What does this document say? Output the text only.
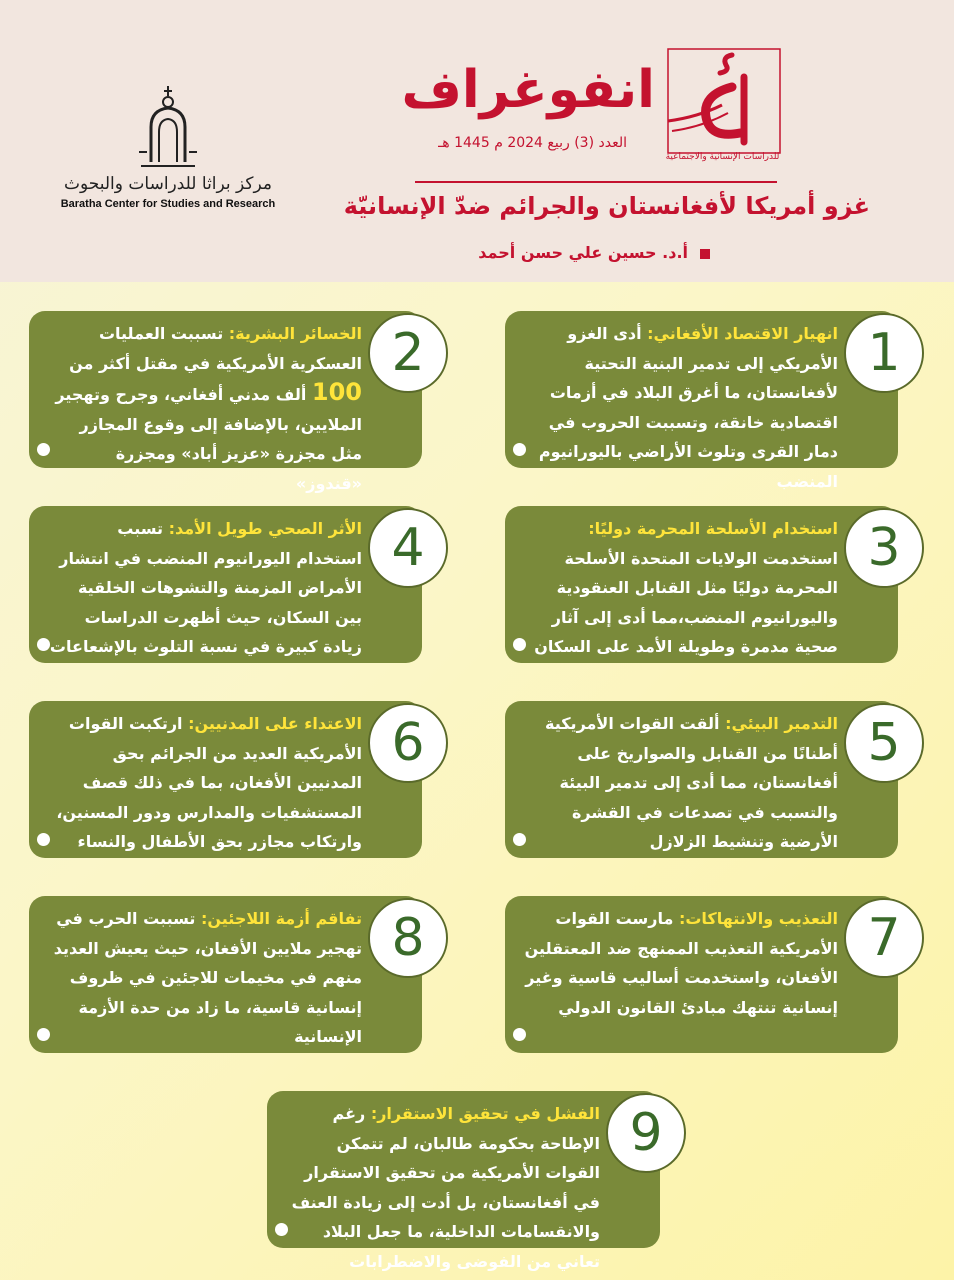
مركز براثا للدراسات والبحوث
Baratha Center for Studies and Research
انفوغراف
للدراسات الإنسانية والاجتماعية
العدد (3) ربيع 2024 م 1445 هـ
غزو أمريكا لأفغانستان والجرائم ضدّ الإنسانيّة
أ.د. حسين علي حسن أحمد
انهيار الاقتصاد الأفغاني: أدى الغزو الأمريكي إلى تدمير البنية التحتية لأفغانستان، ما أغرق البلاد في أزمات اقتصادية خانقة، وتسببت الحروب في دمار القرى وتلوث الأراضي باليورانيوم المنضب
1
الخسائر البشرية: تسببت العمليات العسكرية الأمريكية في مقتل أكثر من 100 ألف مدني أفغاني، وجرح وتهجير الملايين، بالإضافة إلى وقوع المجازر مثل مجزرة «عزيز أباد» ومجزرة «قندوز»
2
استخدام الأسلحة المحرمة دوليًا: استخدمت الولايات المتحدة الأسلحة المحرمة دوليًا مثل القنابل العنقودية واليورانيوم المنضب،مما أدى إلى آثار صحية مدمرة وطويلة الأمد على السكان
3
الأثر الصحي طويل الأمد: تسبب استخدام اليورانيوم المنضب في انتشار الأمراض المزمنة والتشوهات الخلقية بين السكان، حيث أظهرت الدراسات زيادة كبيرة في نسبة التلوث بالإشعاعات
4
التدمير البيئي: ألقت القوات الأمريكية أطنانًا من القنابل والصواريخ على أفغانستان، مما أدى إلى تدمير البيئة والتسبب في تصدعات في القشرة الأرضية وتنشيط الزلازل
5
الاعتداء على المدنيين: ارتكبت القوات الأمريكية العديد من الجرائم بحق المدنيين الأفغان، بما في ذلك قصف المستشفيات والمدارس ودور المسنين، وارتكاب مجازر بحق الأطفال والنساء
6
التعذيب والانتهاكات: مارست القوات الأمريكية التعذيب الممنهج ضد المعتقلين الأفغان، واستخدمت أساليب قاسية وغير إنسانية تنتهك مبادئ القانون الدولي
7
تفاقم أزمة اللاجئين: تسببت الحرب في تهجير ملايين الأفغان، حيث يعيش العديد منهم في مخيمات للاجئين في ظروف إنسانية قاسية، ما زاد من حدة الأزمة الإنسانية
8
الفشل في تحقيق الاستقرار: رغم الإطاحة بحكومة طالبان، لم تتمكن القوات الأمريكية من تحقيق الاستقرار في أفغانستان، بل أدت إلى زيادة العنف والانقسامات الداخلية، ما جعل البلاد تعاني من الفوضى والاضطرابات
9
